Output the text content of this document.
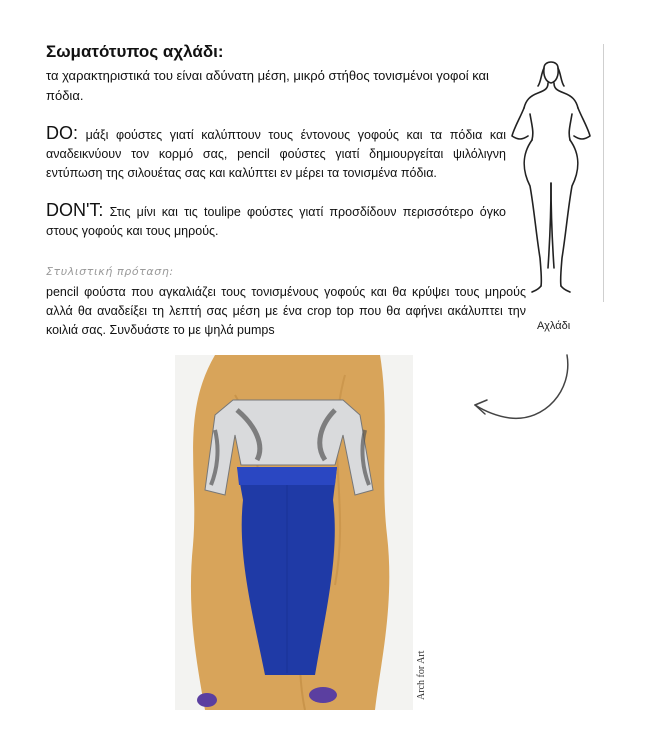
Σωματότυπος αχλάδι:

τα χαρακτηριστικά του είναι αδύνατη μέση, μικρό στήθος τονισμένοι γοφοί και πόδια.

DO: μάξι φούστες γιατί καλύπτουν τους έντονους γοφούς και τα πόδια και αναδεικνύουν τον κορμό σας, pencil φούστες γιατί δημιουργείται ψιλόλιγνη εντύπωση της σιλουέτας σας και καλύπτει εν μέρει τα τονισμένα πόδια.

DON'T: Στις μίνι και τις toulipe φούστες γιατί προσδίδουν περισσότερο όγκο στους γοφούς και τους μηρούς.

Στυλιστική πρόταση:

pencil φούστα που αγκαλιάζει τους τονισμένους γοφούς και θα κρύψει τους μηρούς αλλά θα αναδείξει τη λεπτή σας μέση με ένα crop top που θα αφήνει ακάλυπτει την κοιλιά σας. Συνδυάστε το με ψηλά pumps	Αχλάδι
Arch for Art
